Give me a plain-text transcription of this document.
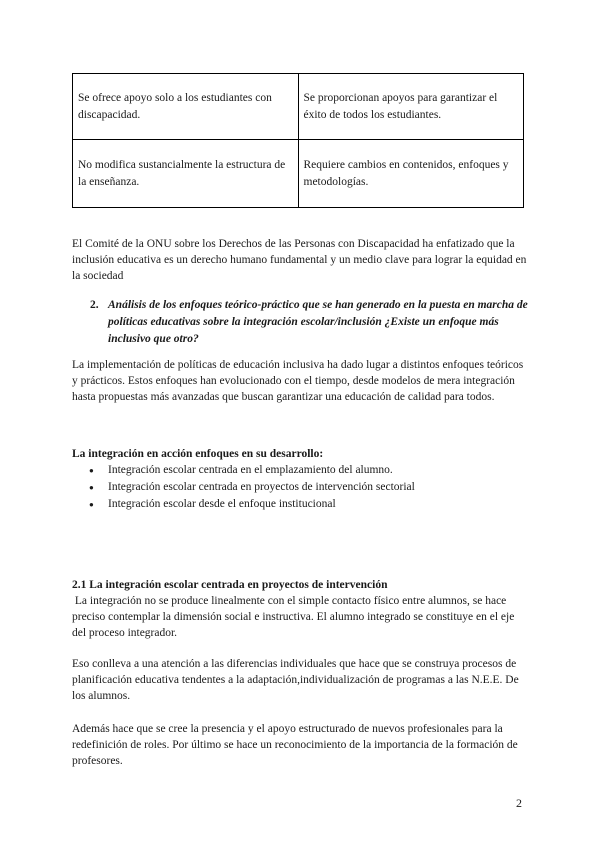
Se ofrece apoyo solo a los estudiantes con discapacidad.	Se proporcionan apoyos para garantizar el éxito de todos los estudiantes.
No modifica sustancialmente la estructura de la enseñanza.	Requiere cambios en contenidos, enfoques y metodologías.

El Comité de la ONU sobre los Derechos de las Personas con Discapacidad ha enfatizado que la inclusión educativa es un derecho humano fundamental y un medio clave para lograr la equidad en la sociedad

2. Análisis de los enfoques teórico-práctico que se han generado en la puesta en marcha de políticas educativas sobre la integración escolar/inclusión ¿Existe un enfoque más inclusivo que otro?

La implementación de políticas de educación inclusiva ha dado lugar a distintos enfoques teóricos y prácticos. Estos enfoques han evolucionado con el tiempo, desde modelos de mera integración hasta propuestas más avanzadas que buscan garantizar una educación de calidad para todos.

La integración en acción enfoques en su desarrollo:

● Integración escolar centrada en el emplazamiento del alumno.
● Integración escolar centrada en proyectos de intervención sectorial
● Integración escolar desde el enfoque institucional

2.1 La integración escolar centrada en proyectos de intervención

La integración no se produce linealmente con el simple contacto físico entre alumnos, se hace preciso contemplar la dimensión social e instructiva. El alumno integrado se constituye en el eje del proceso integrador.

Eso conlleva a una atención a las diferencias individuales que hace que se construya procesos de planificación educativa tendentes a la adaptación,individualización de programas a las N.E.E. De los alumnos.

Además hace que se cree la presencia y el apoyo estructurado de nuevos profesionales para la redefinición de roles. Por último se hace un reconocimiento de la importancia de la formación de profesores.

2
